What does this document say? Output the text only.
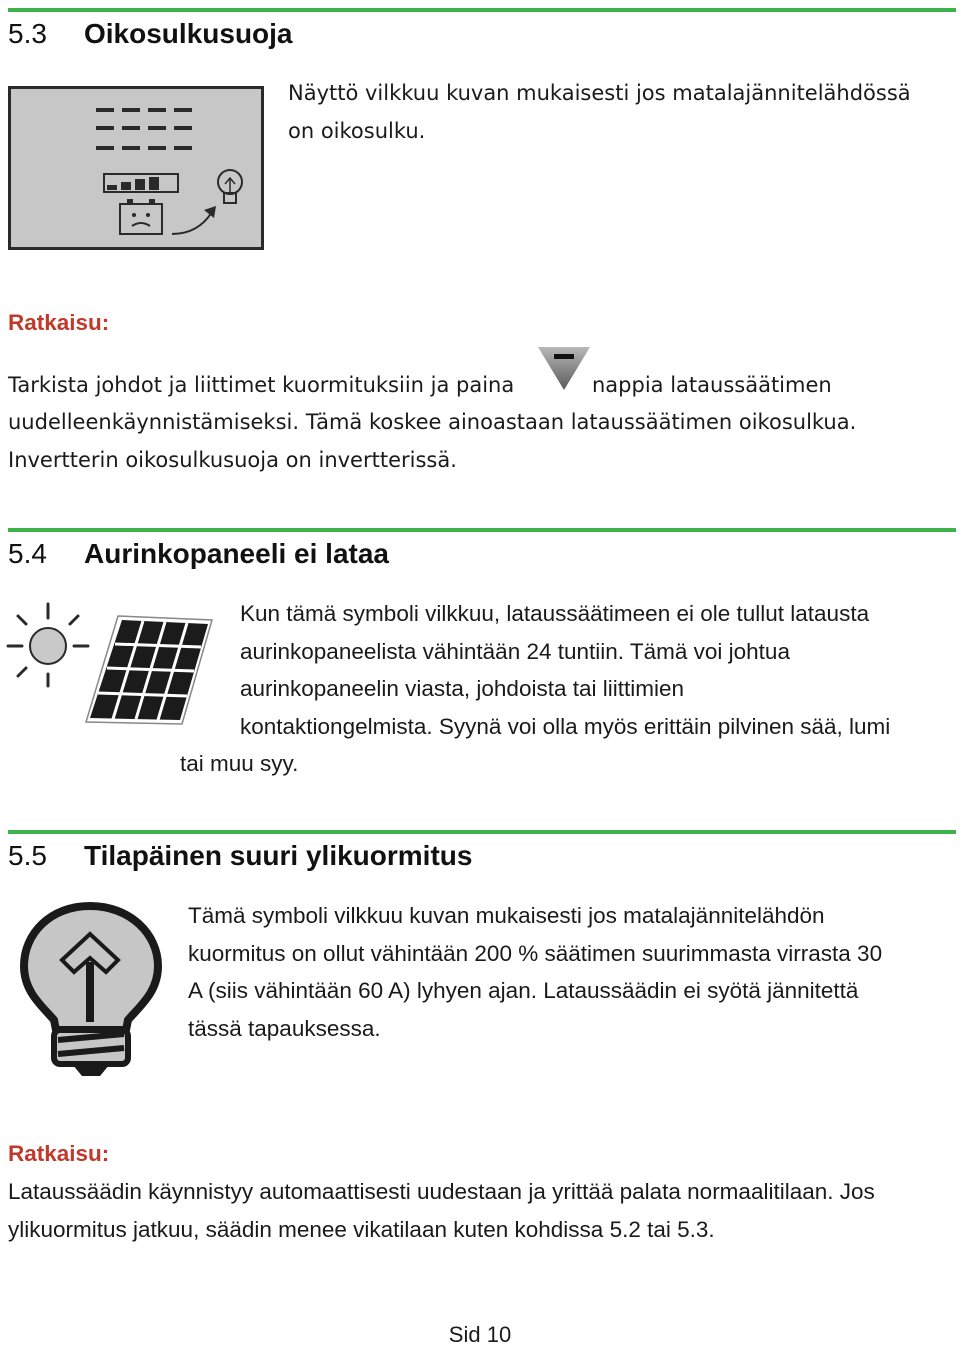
5.3 Oikosulkusuoja
Näyttö vilkkuu kuvan mukaisesti jos matalajännitelähdössä
on oikosulku.
Ratkaisu:
Tarkista johdot ja liittimet kuormituksiin ja paina	nappia lataussäätimen
uudelleenkäynnistämiseksi. Tämä koskee ainoastaan lataussäätimen oikosulkua.
Invertterin oikosulkusuoja on invertterissä.
5.4 Aurinkopaneeli ei lataa
Kun tämä symboli vilkkuu, lataussäätimeen ei ole tullut latausta
aurinkopaneelista vähintään 24 tuntiin. Tämä voi johtua
aurinkopaneelin viasta, johdoista tai liittimien
kontaktiongelmista. Syynä voi olla myös erittäin pilvinen sää, lumi
tai muu syy.
5.5 Tilapäinen suuri ylikuormitus
Tämä symboli vilkkuu kuvan mukaisesti jos matalajännitelähdön
kuormitus on ollut vähintään 200 % säätimen suurimmasta virrasta 30
A (siis vähintään 60 A) lyhyen ajan. Lataussäädin ei syötä jännitettä
tässä tapauksessa.
Ratkaisu:
Lataussäädin käynnistyy automaattisesti uudestaan ja yrittää palata normaalitilaan. Jos
ylikuormitus jatkuu, säädin menee vikatilaan kuten kohdissa 5.2 tai 5.3.
Sid 10
